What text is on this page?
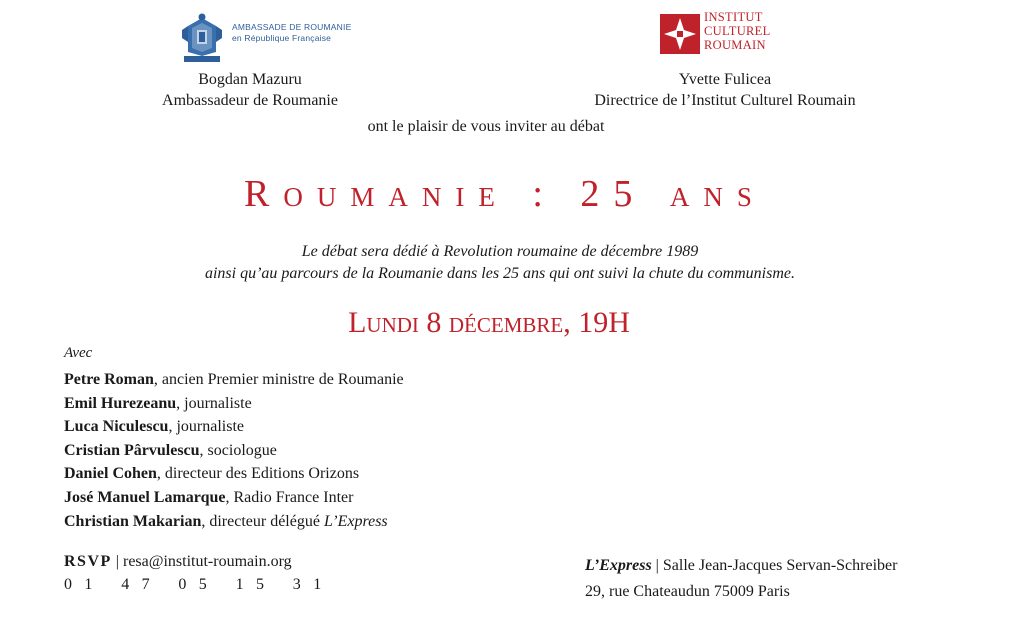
AMBASSADE DE ROUMANIE
en République Française
INSTITUT
CULTUREL
ROUMAIN
Bogdan Mazuru
Ambassadeur de Roumanie
Yvette Fulicea
Directrice de l’Institut Culturel Roumain
ont le plaisir de vous inviter au débat
Roumanie : 25 ans
Le débat sera dédié à Revolution roumaine de décembre 1989
ainsi qu’au parcours de la Roumanie dans les 25 ans qui ont suivi la chute du communisme.
Lundi 8 décembre, 19H
Avec
Petre Roman, ancien Premier ministre de Roumanie
Emil Hurezeanu, journaliste
Luca Niculescu, journaliste
Cristian Pârvulescu, sociologue
Daniel Cohen, directeur des Editions Orizons
José Manuel Lamarque, Radio France Inter
Christian Makarian, directeur délégué L’Express
RSVP | resa@institut-roumain.org
01 47 05 15 31
L’Express | Salle Jean-Jacques Servan-Schreiber
29, rue Chateaudun 75009 Paris
